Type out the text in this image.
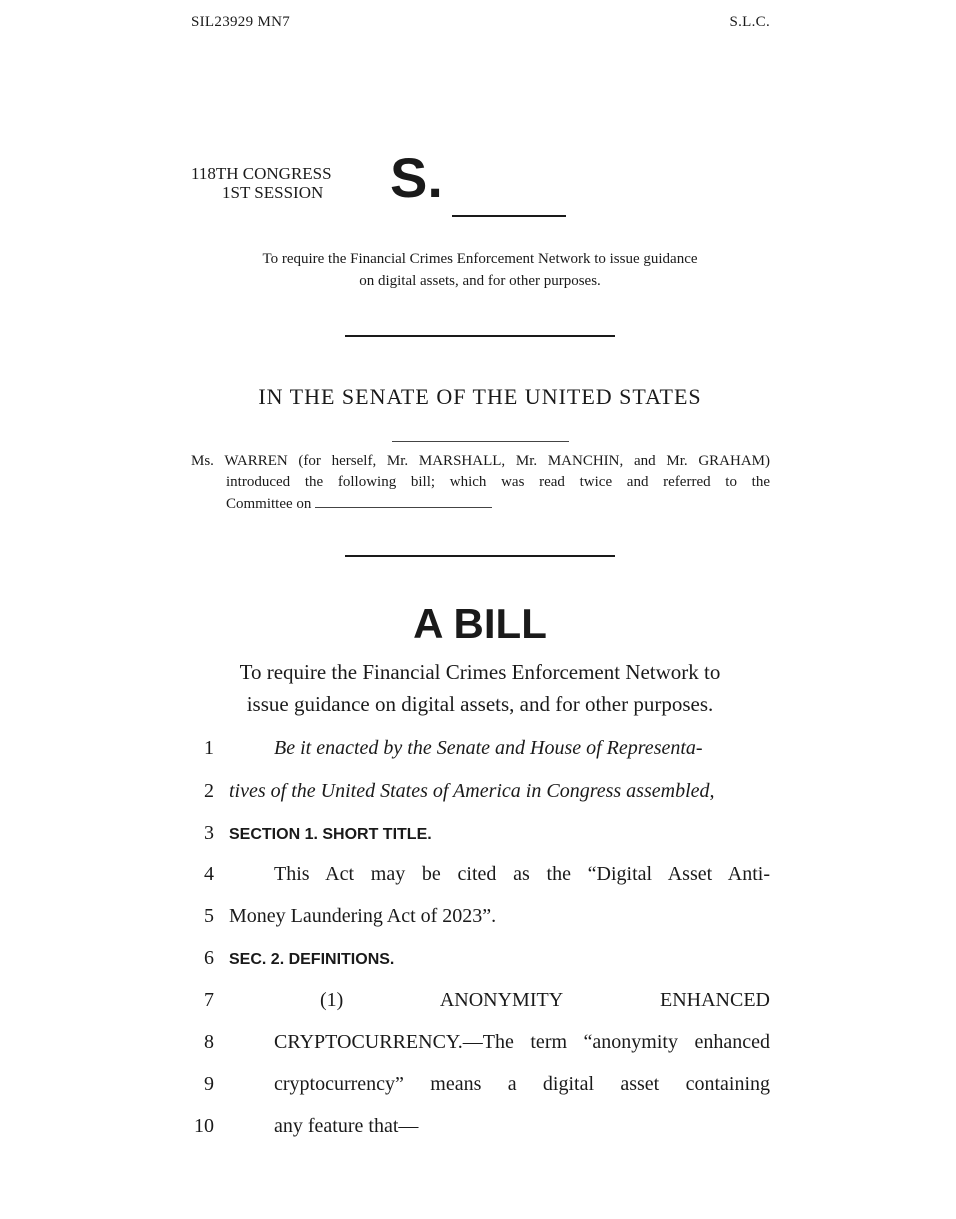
SIL23929 MN7	S.L.C.
118TH CONGRESS
1ST SESSION S.
To require the Financial Crimes Enforcement Network to issue guidance
on digital assets, and for other purposes.
IN THE SENATE OF THE UNITED STATES
Ms. WARREN (for herself, Mr. MARSHALL, Mr. MANCHIN, and Mr. GRAHAM)
introduced the following bill; which was read twice and referred to the
Committee on
A BILL
To require the Financial Crimes Enforcement Network to
issue guidance on digital assets, and for other purposes.
1	Be it enacted by the Senate and House of Representa-
2 tives of the United States of America in Congress assembled,
3 SECTION 1. SHORT TITLE.
4	This Act may be cited as the “Digital Asset Anti-
5 Money Laundering Act of 2023”.
6 SEC. 2. DEFINITIONS.
7	(1) ANONYMITY ENHANCED
8	CRYPTOCURRENCY.—The term “anonymity enhanced
9	cryptocurrency” means a digital asset containing
10	any feature that—
